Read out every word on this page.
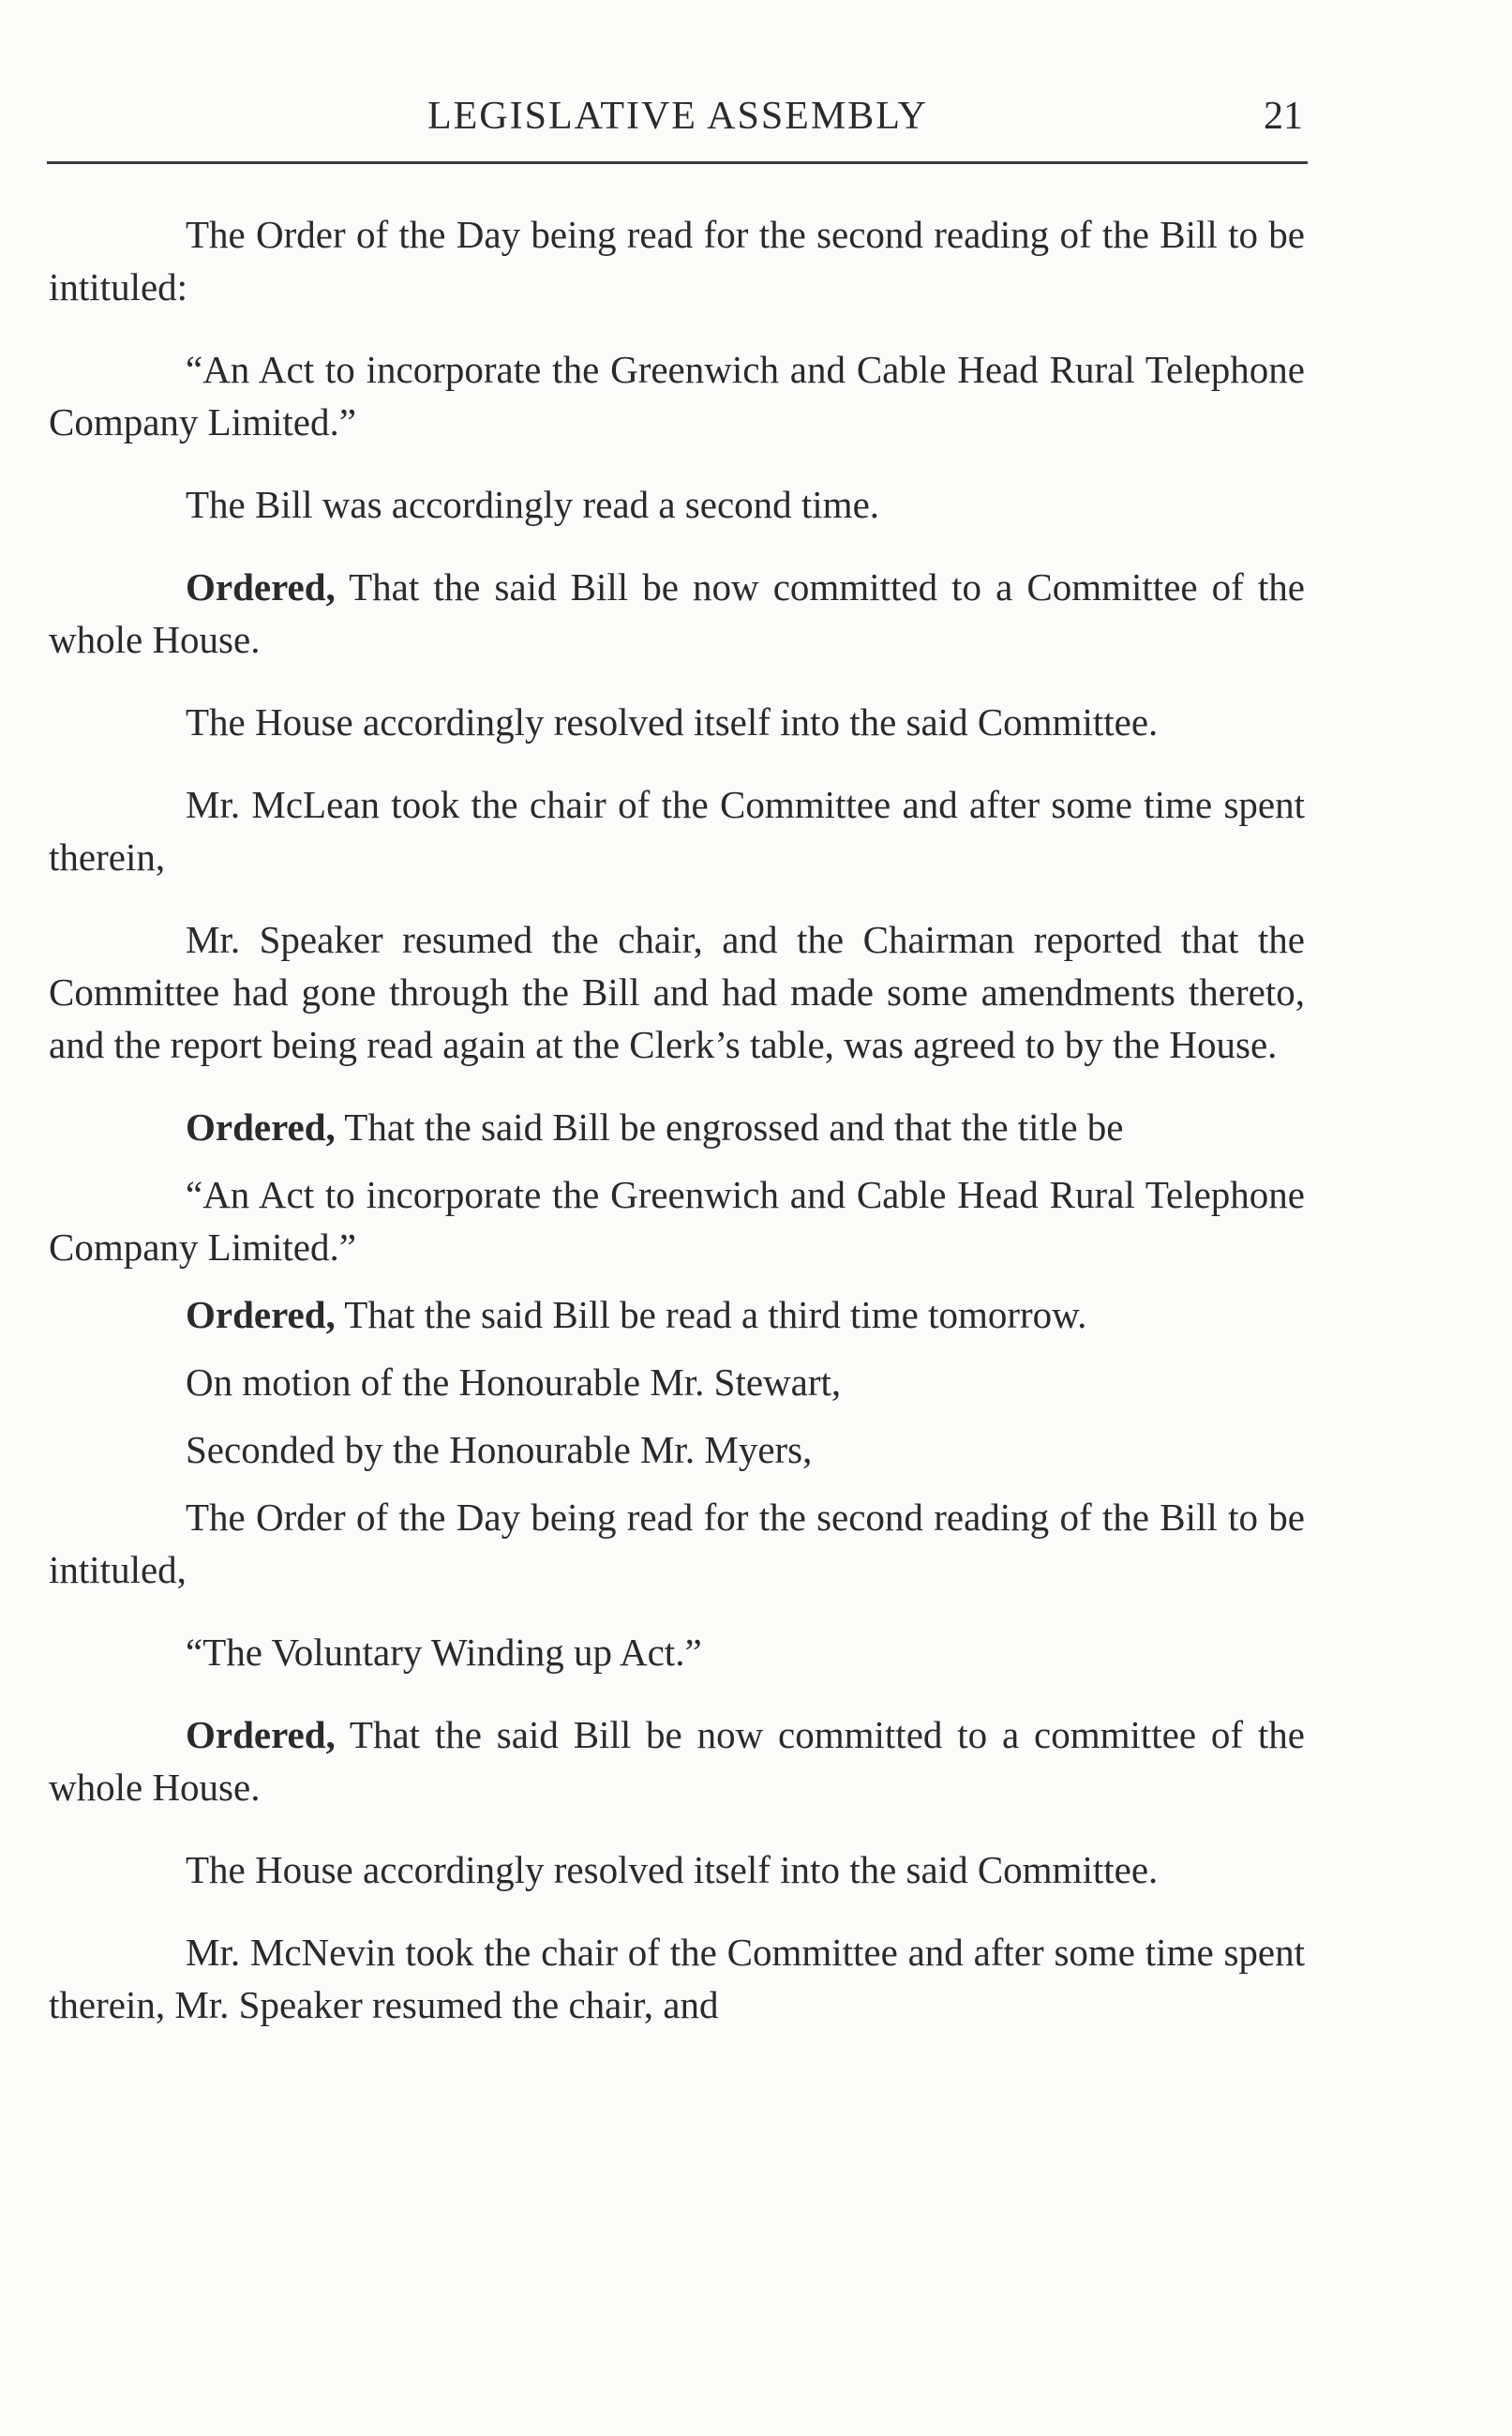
LEGISLATIVE ASSEMBLY	21

The Order of the Day being read for the second reading of the Bill to be intituled:

“An Act to incorporate the Greenwich and Cable Head Rural Telephone Company Limited.”

The Bill was accordingly read a second time.

Ordered, That the said Bill be now committed to a Committee of the whole House.

The House accordingly resolved itself into the said Committee.

Mr. McLean took the chair of the Committee and after some time spent therein,

Mr. Speaker resumed the chair, and the Chairman reported that the Committee had gone through the Bill and had made some amendments thereto, and the report being read again at the Clerk’s table, was agreed to by the House.

Ordered, That the said Bill be engrossed and that the title be

“An Act to incorporate the Greenwich and Cable Head Rural Telephone Company Limited.”

Ordered, That the said Bill be read a third time tomorrow.

On motion of the Honourable Mr. Stewart,

Seconded by the Honourable Mr. Myers,

The Order of the Day being read for the second reading of the Bill to be intituled,

“The Voluntary Winding up Act.”

Ordered, That the said Bill be now committed to a committee of the whole House.

The House accordingly resolved itself into the said Committee.

Mr. McNevin took the chair of the Committee and after some time spent therein, Mr. Speaker resumed the chair, and
